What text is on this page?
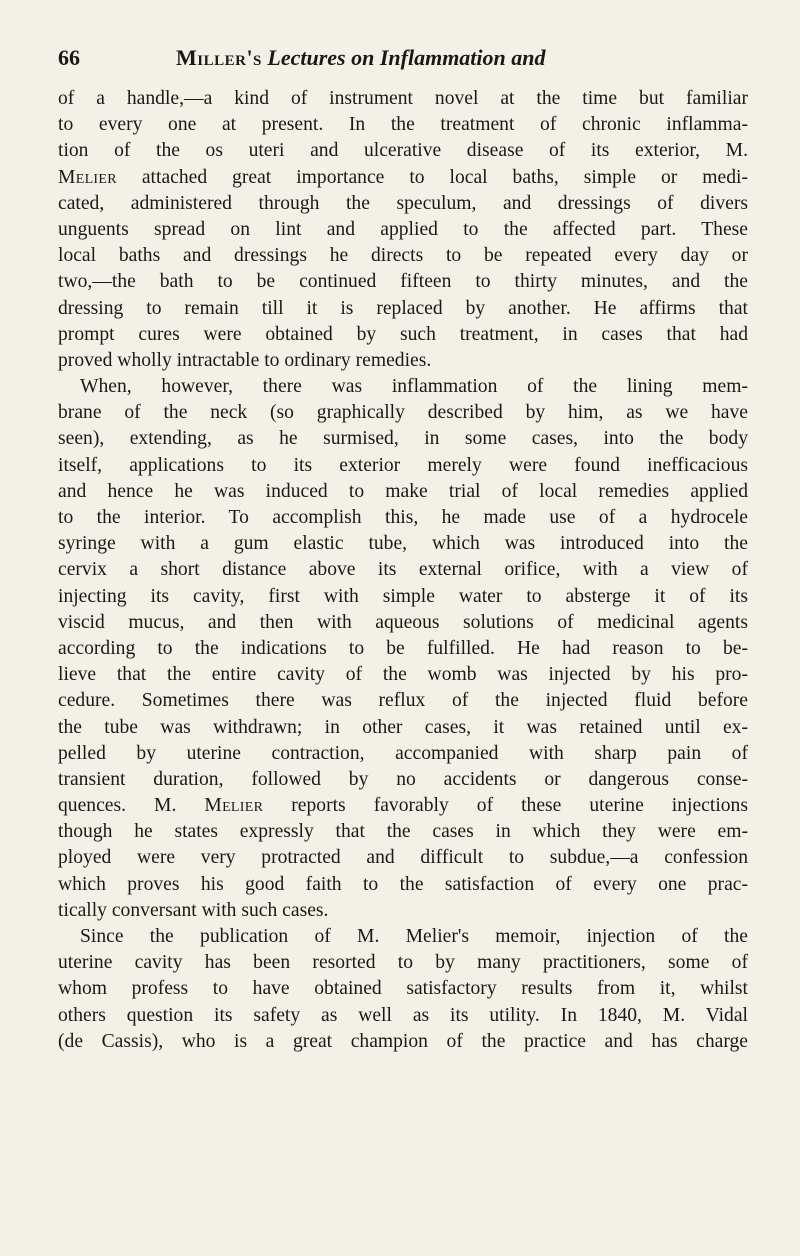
66	Miller's Lectures on Inflammation and
of a handle,—a kind of instrument novel at the time but familiar
to every one at present. In the treatment of chronic inflamma-
tion of the os uteri and ulcerative disease of its exterior, M.
Melier attached great importance to local baths, simple or medi-
cated, administered through the speculum, and dressings of divers
unguents spread on lint and applied to the affected part. These
local baths and dressings he directs to be repeated every day or
two,—the bath to be continued fifteen to thirty minutes, and the
dressing to remain till it is replaced by another. He affirms that
prompt cures were obtained by such treatment, in cases that had
proved wholly intractable to ordinary remedies.
When, however, there was inflammation of the lining mem-
brane of the neck (so graphically described by him, as we have
seen), extending, as he surmised, in some cases, into the body
itself, applications to its exterior merely were found inefficacious
and hence he was induced to make trial of local remedies applied
to the interior. To accomplish this, he made use of a hydrocele
syringe with a gum elastic tube, which was introduced into the
cervix a short distance above its external orifice, with a view of
injecting its cavity, first with simple water to absterge it of its
viscid mucus, and then with aqueous solutions of medicinal agents
according to the indications to be fulfilled. He had reason to be-
lieve that the entire cavity of the womb was injected by his pro-
cedure. Sometimes there was reflux of the injected fluid before
the tube was withdrawn; in other cases, it was retained until ex-
pelled by uterine contraction, accompanied with sharp pain of
transient duration, followed by no accidents or dangerous conse-
quences. M. Melier reports favorably of these uterine injections
though he states expressly that the cases in which they were em-
ployed were very protracted and difficult to subdue,—a confession
which proves his good faith to the satisfaction of every one prac-
tically conversant with such cases.
Since the publication of M. Melier's memoir, injection of the
uterine cavity has been resorted to by many practitioners, some of
whom profess to have obtained satisfactory results from it, whilst
others question its safety as well as its utility. In 1840, M. Vidal
(de Cassis), who is a great champion of the practice and has charge
